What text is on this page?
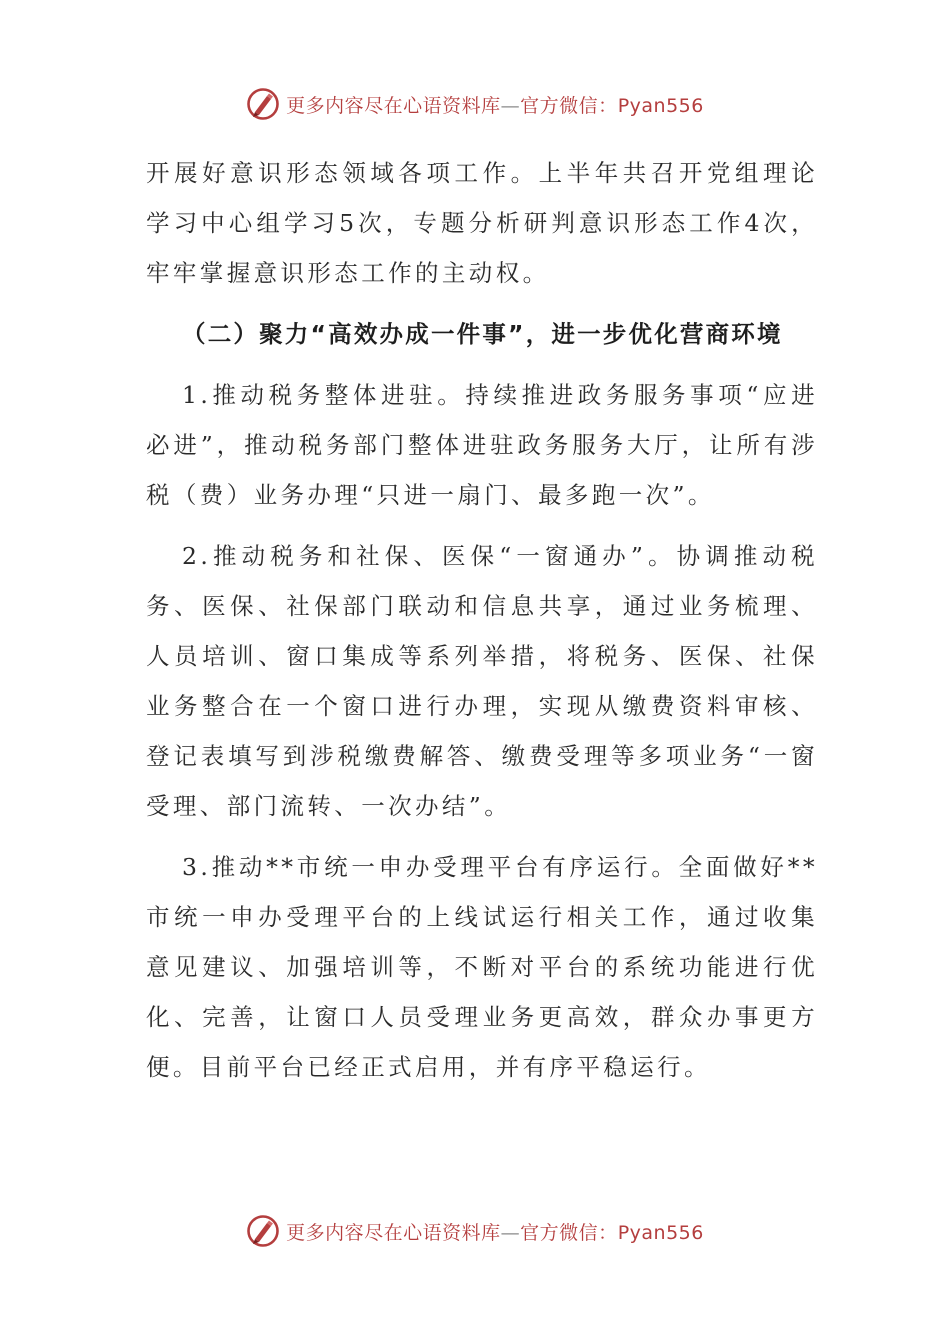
更多内容尽在心语资料库—官方微信：Pyan556

开展好意识形态领域各项工作。上半年共召开党组理论学习中心组学习5次，专题分析研判意识形态工作4次，牢牢掌握意识形态工作的主动权。

（二）聚力“高效办成一件事”，进一步优化营商环境

1.推动税务整体进驻。持续推进政务服务事项“应进必进”，推动税务部门整体进驻政务服务大厅，让所有涉税（费）业务办理“只进一扇门、最多跑一次”。

2.推动税务和社保、医保“一窗通办”。协调推动税务、医保、社保部门联动和信息共享，通过业务梳理、人员培训、窗口集成等系列举措，将税务、医保、社保业务整合在一个窗口进行办理，实现从缴费资料审核、登记表填写到涉税缴费解答、缴费受理等多项业务“一窗受理、部门流转、一次办结”。

3.推动**市统一申办受理平台有序运行。全面做好**市统一申办受理平台的上线试运行相关工作，通过收集意见建议、加强培训等，不断对平台的系统功能进行优化、完善，让窗口人员受理业务更高效，群众办事更方便。目前平台已经正式启用，并有序平稳运行。

更多内容尽在心语资料库—官方微信：Pyan556
